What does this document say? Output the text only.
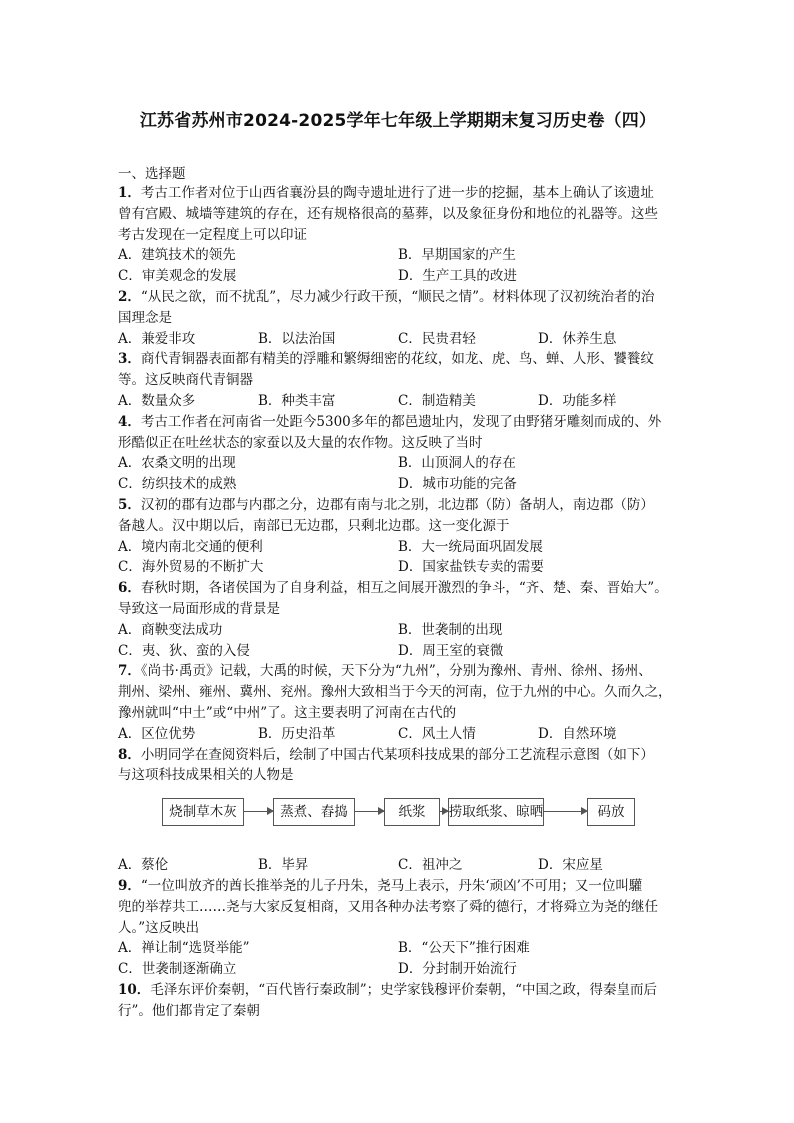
江苏省苏州市2024-2025学年七年级上学期期末复习历史卷（四）
一、选择题
1．考古工作者对位于山西省襄汾县的陶寺遗址进行了进一步的挖掘，基本上确认了该遗址
曾有宫殿、城墙等建筑的存在，还有规格很高的墓葬，以及象征身份和地位的礼器等。这些
考古发现在一定程度上可以印证
A．建筑技术的领先	B．早期国家的产生
C．审美观念的发展	D．生产工具的改进
2．“从民之欲，而不扰乱”，尽力减少行政干预，“顺民之情”。材料体现了汉初统治者的治
国理念是
A．兼爱非攻	B．以法治国	C．民贵君轻	D．休养生息
3．商代青铜器表面都有精美的浮雕和繁缛细密的花纹，如龙、虎、鸟、蝉、人形、饕餮纹
等。这反映商代青铜器
A．数量众多	B．种类丰富	C．制造精美	D．功能多样
4．考古工作者在河南省一处距今5300多年的都邑遗址内，发现了由野猪牙雕刻而成的、外
形酷似正在吐丝状态的家蚕以及大量的农作物。这反映了当时
A．农桑文明的出现	B．山顶洞人的存在
C．纺织技术的成熟	D．城市功能的完备
5．汉初的郡有边郡与内郡之分，边郡有南与北之别，北边郡（防）备胡人，南边郡（防）
备越人。汉中期以后，南部已无边郡，只剩北边郡。这一变化源于
A．境内南北交通的便利	B．大一统局面巩固发展
C．海外贸易的不断扩大	D．国家盐铁专卖的需要
6．春秋时期，各诸侯国为了自身利益，相互之间展开激烈的争斗，“齐、楚、秦、晋始大”。
导致这一局面形成的背景是
A．商鞅变法成功	B．世袭制的出现
C．夷、狄、蛮的入侵	D．周王室的衰微
7．《尚书·禹贡》记载，大禹的时候，天下分为“九州”，分别为豫州、青州、徐州、扬州、
荆州、梁州、雍州、冀州、兖州。豫州大致相当于今天的河南，位于九州的中心。久而久之，
豫州就叫“中土”或“中州”了。这主要表明了河南在古代的
A．区位优势	B．历史沿革	C．风土人情	D．自然环境
8．小明同学在查阅资料后，绘制了中国古代某项科技成果的部分工艺流程示意图（如下）
与这项科技成果相关的人物是
烧制草木灰	蒸煮、舂捣	纸浆	捞取纸浆、晾晒	码放
A．蔡伦	B．毕昇	C．祖冲之	D．宋应星
9．“一位叫放齐的酋长推举尧的儿子丹朱，尧马上表示，丹朱‘顽凶’不可用；又一位叫驩
兜的举荐共工……尧与大家反复相商，又用各种办法考察了舜的德行，才将舜立为尧的继任
人。”这反映出
A．禅让制“选贤举能”	B．“公天下”推行困难
C．世袭制逐渐确立	D．分封制开始流行
10．毛泽东评价秦朝，“百代皆行秦政制”；史学家钱穆评价秦朝，“中国之政，得秦皇而后
行”。他们都肯定了秦朝
